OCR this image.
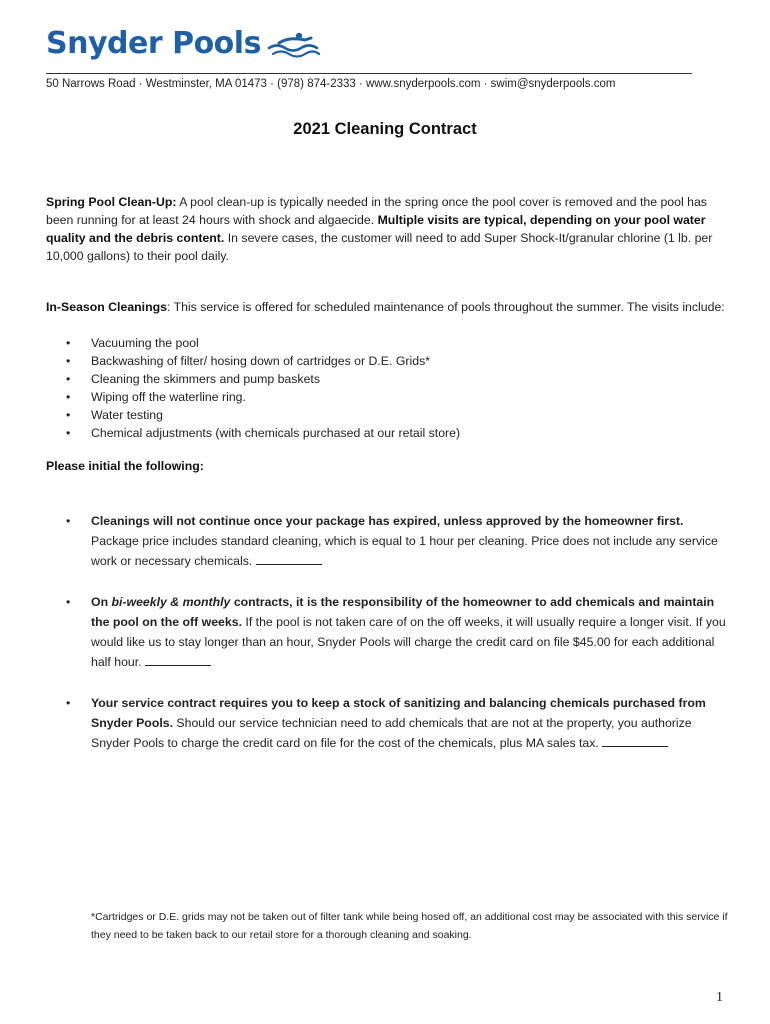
Snyder Pools
50 Narrows Road · Westminster, MA 01473 · (978) 874-2333 · www.snyderpools.com · swim@snyderpools.com
2021 Cleaning Contract
Spring Pool Clean-Up: A pool clean-up is typically needed in the spring once the pool cover is removed and the pool has been running for at least 24 hours with shock and algaecide. Multiple visits are typical, depending on your pool water quality and the debris content. In severe cases, the customer will need to add Super Shock-It/granular chlorine (1 lb. per 10,000 gallons) to their pool daily.
In-Season Cleanings: This service is offered for scheduled maintenance of pools throughout the summer. The visits include:
• Vacuuming the pool
• Backwashing of filter/ hosing down of cartridges or D.E. Grids*
• Cleaning the skimmers and pump baskets
• Wiping off the waterline ring.
• Water testing
• Chemical adjustments (with chemicals purchased at our retail store)
Please initial the following:
• Cleanings will not continue once your package has expired, unless approved by the homeowner first. Package price includes standard cleaning, which is equal to 1 hour per cleaning. Price does not include any service work or necessary chemicals.
• On bi-weekly & monthly contracts, it is the responsibility of the homeowner to add chemicals and maintain the pool on the off weeks. If the pool is not taken care of on the off weeks, it will usually require a longer visit. If you would like us to stay longer than an hour, Snyder Pools will charge the credit card on file $45.00 for each additional half hour.
• Your service contract requires you to keep a stock of sanitizing and balancing chemicals purchased from Snyder Pools. Should our service technician need to add chemicals that are not at the property, you authorize Snyder Pools to charge the credit card on file for the cost of the chemicals, plus MA sales tax.
*Cartridges or D.E. grids may not be taken out of filter tank while being hosed off, an additional cost may be associated with this service if they need to be taken back to our retail store for a thorough cleaning and soaking.
1
